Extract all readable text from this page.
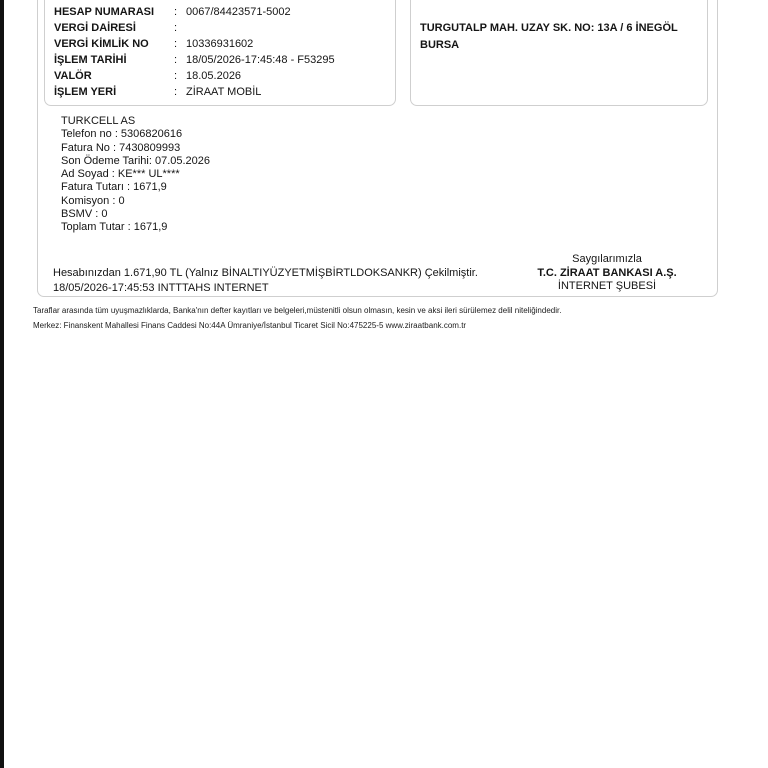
HESAP NUMARASI : 0067/84423571-5002
VERGİ DAİRESİ	:
VERGİ KİMLİK NO : 10336931602
İŞLEM TARİHİ	: 18/05/2026-17:45:48 - F53295
VALÖR	: 18.05.2026
İŞLEM YERİ	: ZİRAAT MOBİL
TURGUTALP MAH. UZAY SK. NO: 13A / 6 İNEGÖL
BURSA
TURKCELL AS
Telefon no : 5306820616
Fatura No : 7430809993
Son Ödeme Tarihi: 07.05.2026
Ad Soyad : KE*** UL****
Fatura Tutarı : 1671,9
Komisyon : 0
BSMV : 0
Toplam Tutar : 1671,9
Hesabınızdan 1.671,90 TL (Yalnız BİNALTIYÜZYETMİŞBİRTLDOKSANKR) Çekilmiştir.
18/05/2026-17:45:53 INTTTAHS INTERNET
Saygılarımızla
T.C. ZİRAAT BANKASI A.Ş.
İNTERNET ŞUBESİ
Taraflar arasında tüm uyuşmazlıklarda, Banka'nın defter kayıtları ve belgeleri,müstenitli olsun olmasın, kesin ve aksi ileri sürülemez delil niteliğindedir.
Merkez: Finanskent Mahallesi Finans Caddesi No:44A Ümraniye/İstanbul Ticaret Sicil No:475225-5 www.ziraatbank.com.tr
